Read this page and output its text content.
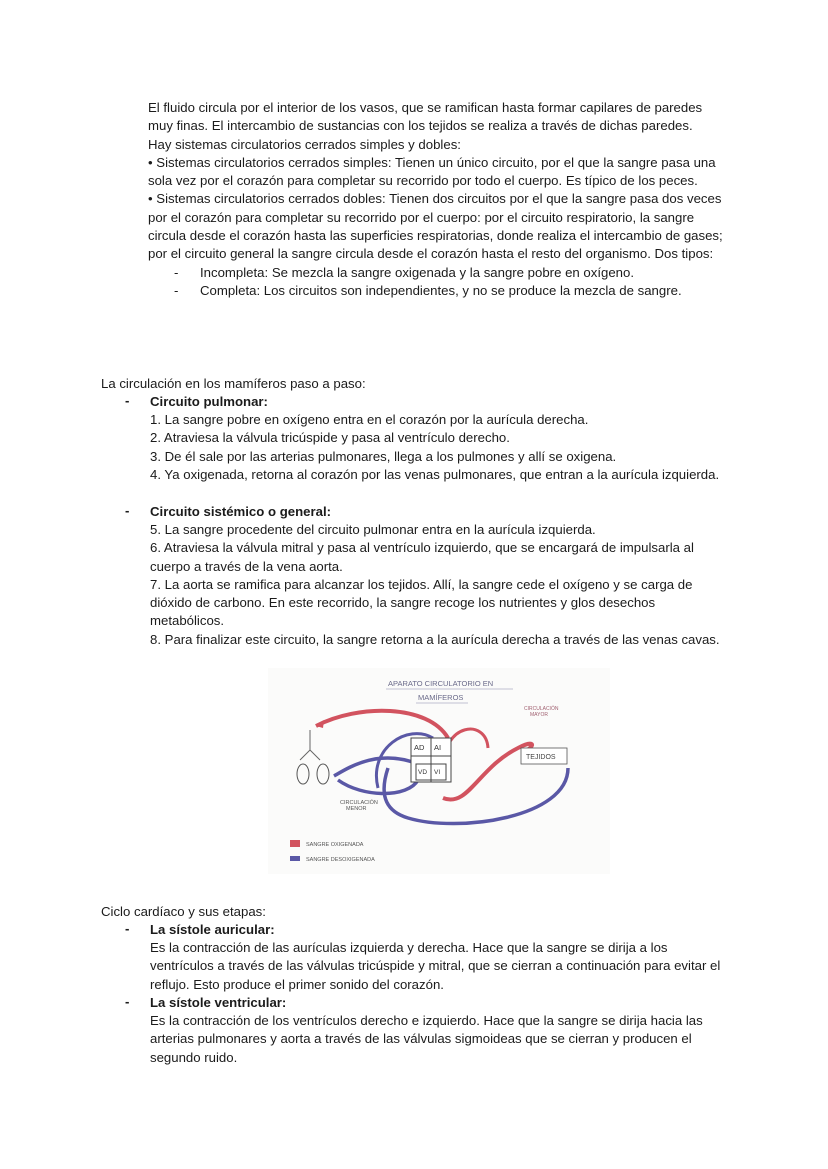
El fluido circula por el interior de los vasos, que se ramifican hasta formar capilares de paredes muy finas. El intercambio de sustancias con los tejidos se realiza a través de dichas paredes.

Hay sistemas circulatorios cerrados simples y dobles:

• Sistemas circulatorios cerrados simples: Tienen un único circuito, por el que la sangre pasa una sola vez por el corazón para completar su recorrido por todo el cuerpo. Es típico de los peces.

• Sistemas circulatorios cerrados dobles: Tienen dos circuitos por el que la sangre pasa dos veces por el corazón para completar su recorrido por el cuerpo: por el circuito respiratorio, la sangre circula desde el corazón hasta las superficies respiratorias, donde realiza el intercambio de gases; por el circuito general la sangre circula desde el corazón hasta el resto del organismo. Dos tipos:

- Incompleta: Se mezcla la sangre oxigenada y la sangre pobre en oxígeno.
- Completa: Los circuitos son independientes, y no se produce la mezcla de sangre.
La circulación en los mamíferos paso a paso:
- Circuito pulmonar:

1. La sangre pobre en oxígeno entra en el corazón por la aurícula derecha.

2. Atraviesa la válvula tricúspide y pasa al ventrículo derecho.

3. De él sale por las arterias pulmonares, llega a los pulmones y allí se oxigena.

4. Ya oxigenada, retorna al corazón por las venas pulmonares, que entran a la aurícula izquierda.

- Circuito sistémico o general:

5. La sangre procedente del circuito pulmonar entra en la aurícula izquierda.

6. Atraviesa la válvula mitral y pasa al ventrículo izquierdo, que se encargará de impulsarla al cuerpo a través de la vena aorta.

7. La aorta se ramifica para alcanzar los tejidos. Allí, la sangre cede el oxígeno y se carga de dióxido de carbono. En este recorrido, la sangre recoge los nutrientes y glos desechos metabólicos.

8. Para finalizar este circuito, la sangre retorna a la aurícula derecha a través de las venas cavas.

APARATO CIRCULATORIO EN
MAMÍFEROS
AD AI
VD VI
TEJIDOS
CIRCULACIÓN
MENOR
CIRCULACIÓN
MAYOR
SANGRE OXIGENADA
SANGRE DESOXIGENADA
Ciclo cardíaco y sus etapas:
- La sístole auricular:

Es la contracción de las aurículas izquierda y derecha. Hace que la sangre se dirija a los ventrículos a través de las válvulas tricúspide y mitral, que se cierran a continuación para evitar el reflujo. Esto produce el primer sonido del corazón.

- La sístole ventricular:

Es la contracción de los ventrículos derecho e izquierdo. Hace que la sangre se dirija hacia las arterias pulmonares y aorta a través de las válvulas sigmoideas que se cierran y producen el segundo ruido.
